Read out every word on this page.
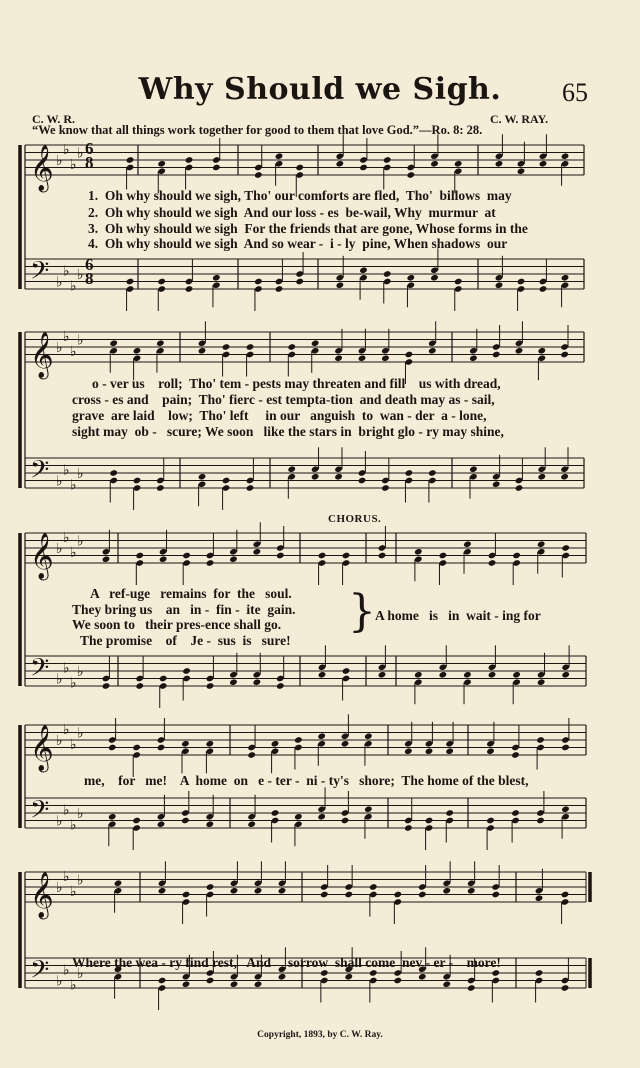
Why Should we Sigh.	65
C. W. R.	C. W. RAY.
“We know that all things work together for good to them that love God.”—Ro. 8: 28.
𝄞
𝄢
♭
♭
♭
♭
♭
♭
♭
♭
𝄞
𝄢
♭
♭
♭
♭
♭
♭
♭
♭
𝄞
𝄢
♭
♭
♭
♭
♭
♭
♭
♭
𝄞
𝄢
♭
♭
♭
♭
♭
♭
♭
♭
𝄞
𝄢
♭
♭
♭
♭
♭
♭
♭
♭
6
8
6
8
1.  Oh why should we sigh, Tho' our comforts are fled,  Tho'  billows  may
2.  Oh why should we sigh  And our loss - es  be-wail, Why  murmur  at
3.  Oh why should we sigh  For the friends that are gone, Whose forms in the
4.  Oh why should we sigh  And so wear -  i - ly  pine, When shadows  our
o - ver us    roll;  Tho' tem - pests may threaten and fill    us with dread,
cross - es and    pain;  Tho' fierc - est tempta-tion  and death may as - sail,
grave  are laid    low;  Tho' left     in our   anguish  to  wan - der  a - lone,
sight may  ob -   scure; We soon   like the stars in  bright glo - ry may shine,
CHORUS.
A   ref-uge   remains  for  the   soul.
They bring us    an   in -  fin -  ite  gain.
We soon to   their pres-ence shall go.
The promise    of    Je -  sus  is   sure!
} A home   is   in  wait - ing for
me,    for   me!    A  home  on   e - ter -  ni - ty's   shore;  The home of the blest,
Where the wea - ry find rest,   And     sorrow  shall come  nev - er -    more!
Copyright, 1893, by C. W. Ray.
